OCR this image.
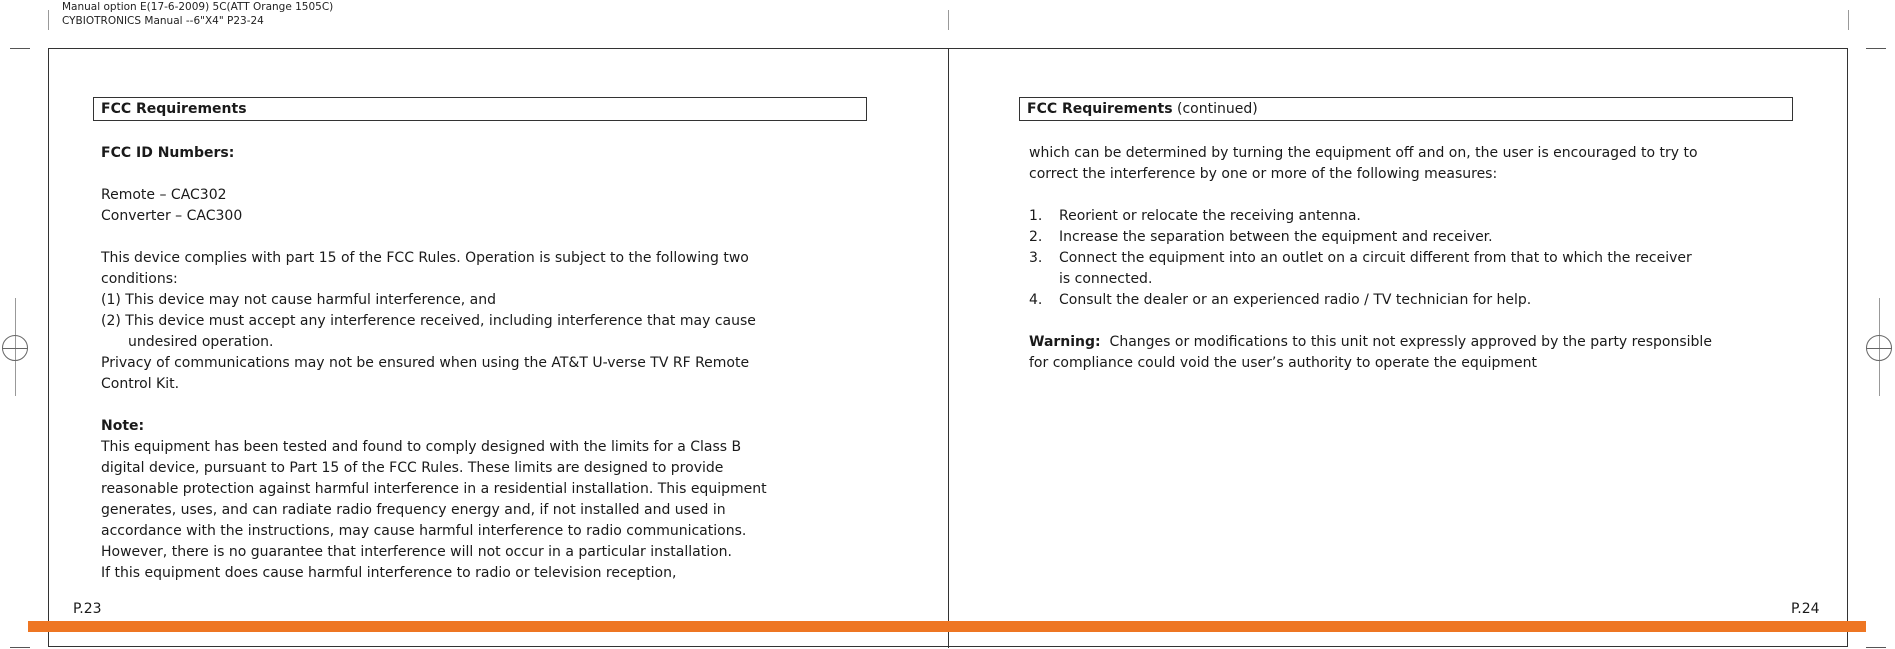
Manual option E(17-6-2009) 5C(ATT Orange 1505C)
CYBIOTRONICS Manual --6"X4" P23-24
FCC Requirements

FCC ID Numbers:

Remote – CAC302

Converter – CAC300

This device complies with part 15 of the FCC Rules. Operation is subject to the following two

conditions:

(1) This device may not cause harmful interference, and

(2) This device must accept any interference received, including interference that may cause

undesired operation.

Privacy of communications may not be ensured when using the AT&T U-verse TV RF Remote

Control Kit.

Note:

This equipment has been tested and found to comply designed with the limits for a Class B

digital device, pursuant to Part 15 of the FCC Rules. These limits are designed to provide

reasonable protection against harmful interference in a residential installation. This equipment

generates, uses, and can radiate radio frequency energy and, if not installed and used in

accordance with the instructions, may cause harmful interference to radio communications.

However, there is no guarantee that interference will not occur in a particular installation.

If this equipment does cause harmful interference to radio or television reception,

P.23
FCC Requirements (continued)

which can be determined by turning the equipment off and on, the user is encouraged to try to

correct the interference by one or more of the following measures:

1.	Reorient or relocate the receiving antenna.
2.	Increase the separation between the equipment and receiver.
3.	Connect the equipment into an outlet on a circuit different from that to which the receiver
is connected.
4.	Consult the dealer or an experienced radio / TV technician for help.

Warning:  Changes or modifications to this unit not expressly approved by the party responsible

for compliance could void the user’s authority to operate the equipment

P.24
